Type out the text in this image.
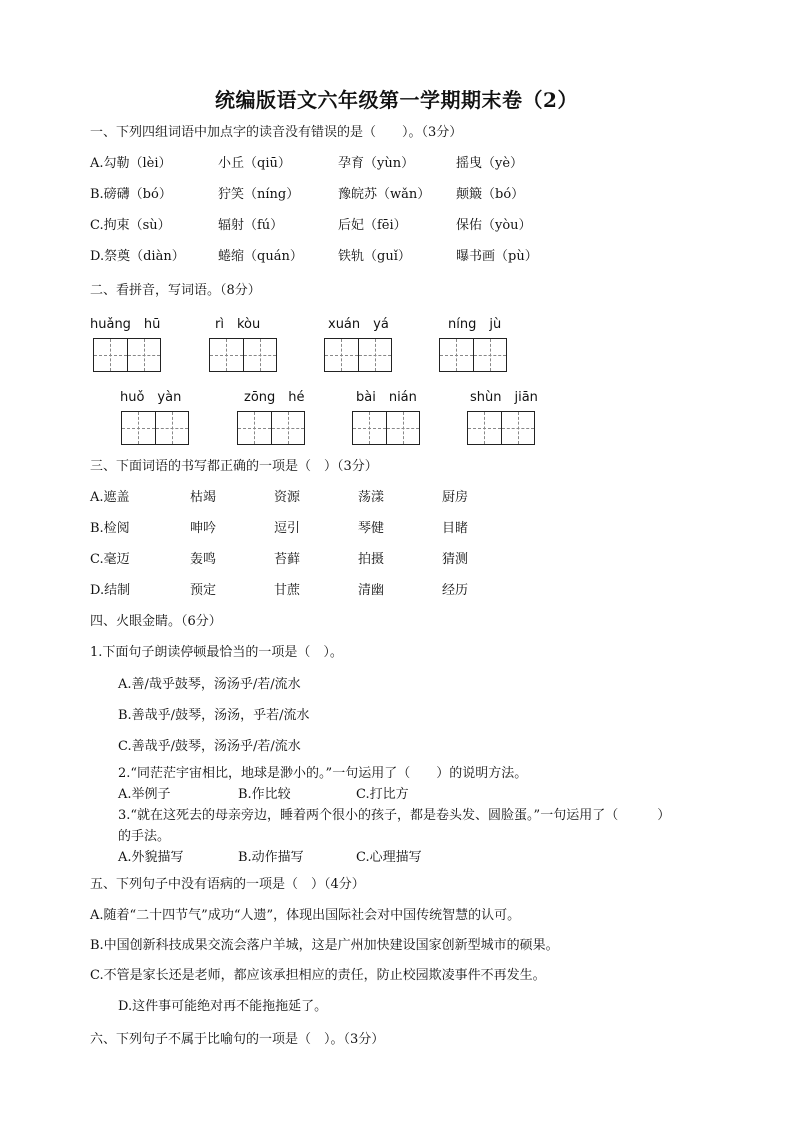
统编版语文六年级第一学期期末卷（2）
一、下列四组词语中加点字的读音没有错误的是（　　）。（3分）
A.勾勒（lèi）	小丘（qiū）	孕育（yùn）	摇曳（yè）
B.磅礴（bó）	狞笑（níng）	豫皖苏（wǎn） 颠簸（bó）
C.拘束（sù）	辐射（fú）	后妃（fēi）	保佑（yòu）
D.祭奠（diàn）	蜷缩（quán）	铁轨（guǐ）	曝书画（pù）
二、看拼音，写词语。（8分）
huǎng　hū	rì　kòu	xuán　yá	níng　jù
huǒ　yàn	zōng　hé	bài　nián	shùn　jiān
三、下面词语的书写都正确的一项是（　）（3分）
A.遮盖	枯竭	资源	荡漾	厨房
B.检阅	呻吟	逗引	琴健	目睹
C.毫迈	轰鸣	苔藓	拍摄	猜测
D.结制	预定	甘蔗	清幽	经历
四、火眼金睛。（6分）
1.下面句子朗读停顿最恰当的一项是（　）。
A.善/哉乎鼓琴，汤汤乎/若/流水
B.善哉乎/鼓琴，汤汤，乎若/流水
C.善哉乎/鼓琴，汤汤乎/若/流水
2.“同茫茫宇宙相比，地球是渺小的。”一句运用了（　　）的说明方法。
A.举例子	B.作比较	C.打比方
3.“就在这死去的母亲旁边，睡着两个很小的孩子，都是卷头发、圆脸蛋。”一句运用了（　　　）
的手法。
A.外貌描写	B.动作描写	C.心理描写
五、下列句子中没有语病的一项是（　）（4分）
A.随着“二十四节气”成功“人遗”，体现出国际社会对中国传统智慧的认可。
B.中国创新科技成果交流会落户羊城，这是广州加快建设国家创新型城市的硕果。
C.不管是家长还是老师，都应该承担相应的责任，防止校园欺凌事件不再发生。
D.这件事可能绝对再不能拖拖延了。
六、下列句子不属于比喻句的一项是（　）。（3分）
